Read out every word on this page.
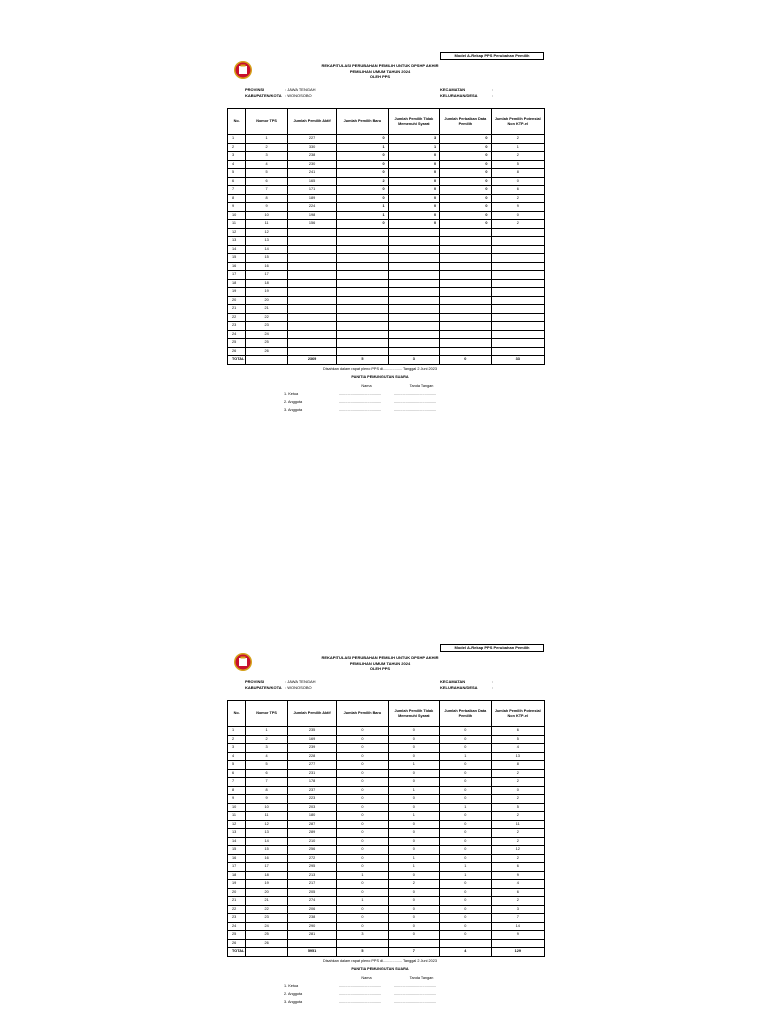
Model A-Rekap PPS Perubahan Pemilih
REKAPITULASI PERUBAHAN PEMILIH UNTUK DPSHP AKHIR
PEMILIHAN UMUM TAHUN 2024
OLEH PPS
PROVINSI	: JAWA TENGAH
KABUPATEN/KOTA : WONOSOBO
KECAMATAN	:
KELURAHAN/DESA	:
No.	Nomor TPS	Jumlah Pemilih Aktif	Jumlah Pemilih Baru	Jumlah Pemilih Tidak Memenuhi Syarat	Jumlah Perbaikan Data Pemilih	Jumlah Pemilih Potensial Non KTP-el
1	1	227	0	3	0	2
2	2	330	1	1	0	1
3	3	238	0	0	0	2
4	4	230	0	0	0	5
5	5	241	0	0	0	8
6	6	165	2	0	0	0
7	7	171	0	0	0	6
8	8	189	0	0	0	2
9	9	224	1	0	0	9
10	10	198	1	0	0	0
11	11	156	0	0	0	2
12	12					
13	13					
14	14					
15	15					
16	16					
17	17					
18	18					
19	19					
20	20					
21	21					
22	22					
23	23					
24	24					
25	25					
26	26					
TOTAL		2369	5	3	0	33
Disahkan dalam rapat pleno PPS di.................. Tanggal 2 Juni 2023
PANITIA PEMUNGUTAN SUARA
Nama	Tanda Tangan
1. Ketua	........................................	........................................
2. Anggota	........................................	........................................
3. Anggota	........................................	........................................
Model A-Rekap PPS Perubahan Pemilih
REKAPITULASI PERUBAHAN PEMILIH UNTUK DPSHP AKHIR
PEMILIHAN UMUM TAHUN 2024
OLEH PPS
PROVINSI	: JAWA TENGAH
KABUPATEN/KOTA : WONOSOBO
KECAMATAN	:
KELURAHAN/DESA	:
No.	Nomor TPS	Jumlah Pemilih Aktif	Jumlah Pemilih Baru	Jumlah Pemilih Tidak Memenuhi Syarat	Jumlah Perbaikan Data Pemilih	Jumlah Pemilih Potensial Non KTP-el
1	1	235	0	0	0	6
2	2	169	0	0	0	5
3	3	239	0	0	0	4
4	4	228	0	0	1	13
5	5	277	0	1	0	8
6	6	231	0	0	0	2
7	7	178	0	0	0	2
8	8	237	0	1	0	0
9	9	223	0	0	0	2
10	10	203	0	0	1	5
11	11	180	0	1	0	2
12	12	287	0	0	0	11
13	13	289	0	0	0	2
14	14	210	0	0	0	2
15	15	256	0	0	0	12
16	16	272	0	1	0	2
17	17	295	0	1	1	6
18	18	213	1	0	1	9
19	19	217	0	2	0	4
20	20	205	0	0	0	6
21	21	274	1	0	0	2
22	22	206	0	0	0	3
23	23	238	0	0	0	7
24	24	290	0	0	0	14
25	25	281	3	0	0	9
26	26					
TOTAL		5951	5	7	4	129
Disahkan dalam rapat pleno PPS di.................. Tanggal 2 Juni 2023
PANITIA PEMUNGUTAN SUARA
Nama	Tanda Tangan
1. Ketua	........................................	........................................
2. Anggota	........................................	........................................
3. Anggota	........................................	........................................
